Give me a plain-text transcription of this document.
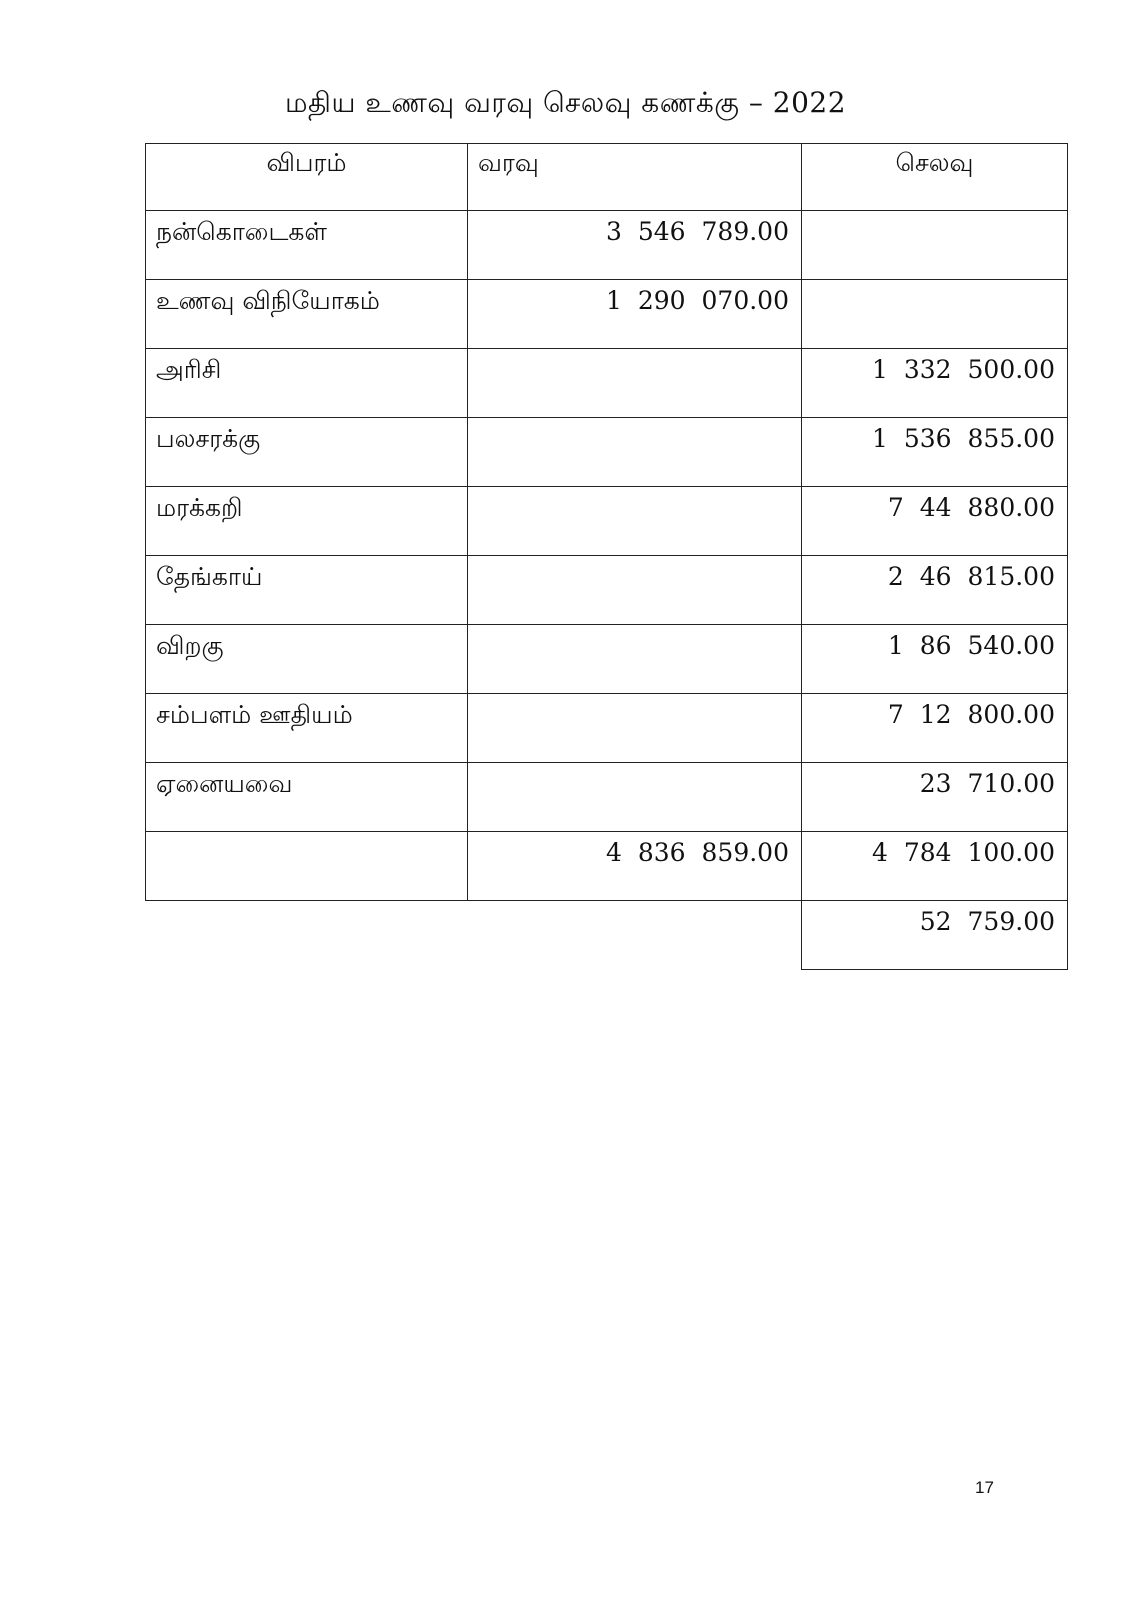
மதிய உணவு வரவு செலவு கணக்கு – 2022
விபரம்	வரவு	செலவு
நன்கொடைகள்	3 546 789.00	
உணவு விநியோகம்	1 290 070.00	
அரிசி		1 332 500.00
பலசரக்கு		1 536 855.00
மரக்கறி		7 44 880.00
தேங்காய்		2 46 815.00
விறகு		1 86 540.00
சம்பளம் ஊதியம்		7 12 800.00
ஏனையவை		23 710.00
	4 836 859.00	4 784 100.00
		52 759.00
17
